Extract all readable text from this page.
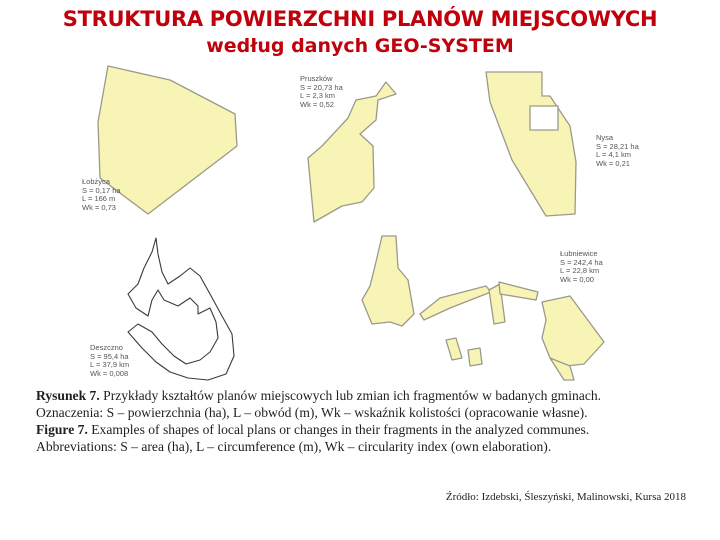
STRUKTURA POWIERZCHNI PLANÓW MIEJSCOWYCH
według danych GEO-SYSTEM
Łobżyca
S = 0,17 ha
L = 166 m
Wk = 0,73
Pruszków
S = 20,73 ha
L = 2,3 km
Wk = 0,52
Nysa
S = 28,21 ha
L = 4,1 km
Wk = 0,21
Deszczno
S = 95,4 ha
L = 37,9 km
Wk = 0,008
Łubniewice
S = 242,4 ha
L = 22,8 km
Wk = 0,00
Rysunek 7. Przykłady kształtów planów miejscowych lub zmian ich fragmentów w badanych gminach.
Oznaczenia: S – powierzchnia (ha), L – obwód (m), Wk – wskaźnik kolistości (opracowanie własne).
Figure 7. Examples of shapes of local plans or changes in their fragments in the analyzed communes.
Abbreviations: S – area (ha), L – circumference (m), Wk – circularity index (own elaboration).
Źródło: Izdebski, Śleszyński, Malinowski, Kursa 2018
